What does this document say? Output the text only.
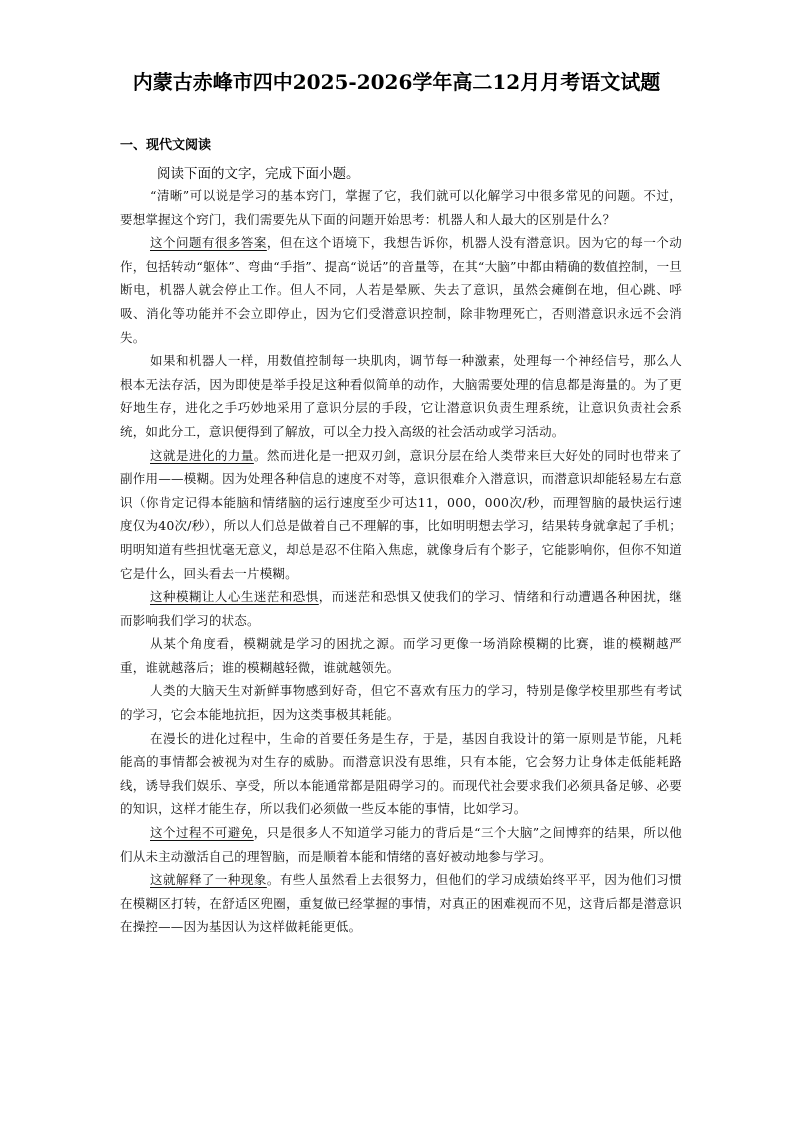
内蒙古赤峰市四中2025-2026学年高二12月月考语文试题
一、现代文阅读
阅读下面的文字，完成下面小题。

“清晰”可以说是学习的基本窍门，掌握了它，我们就可以化解学习中很多常见的问题。不过，要想掌握这个窍门，我们需要先从下面的问题开始思考：机器人和人最大的区别是什么？

这个问题有很多答案，但在这个语境下，我想告诉你，机器人没有潜意识。因为它的每一个动作，包括转动“躯体”、弯曲“手指”、提高“说话”的音量等，在其“大脑”中都由精确的数值控制，一旦断电，机器人就会停止工作。但人不同，人若是晕厥、失去了意识，虽然会瘫倒在地，但心跳、呼吸、消化等功能并不会立即停止，因为它们受潜意识控制，除非物理死亡，否则潜意识永远不会消失。

如果和机器人一样，用数值控制每一块肌肉，调节每一种激素，处理每一个神经信号，那么人根本无法存活，因为即使是举手投足这种看似简单的动作，大脑需要处理的信息都是海量的。为了更好地生存，进化之手巧妙地采用了意识分层的手段，它让潜意识负责生理系统，让意识负责社会系统，如此分工，意识便得到了解放，可以全力投入高级的社会活动或学习活动。

这就是进化的力量。然而进化是一把双刃剑，意识分层在给人类带来巨大好处的同时也带来了副作用——模糊。因为处理各种信息的速度不对等，意识很难介入潜意识，而潜意识却能轻易左右意识（你肯定记得本能脑和情绪脑的运行速度至少可达11，000，000次/秒，而理智脑的最快运行速度仅为40次/秒），所以人们总是做着自己不理解的事，比如明明想去学习，结果转身就拿起了手机；明明知道有些担忧毫无意义，却总是忍不住陷入焦虑，就像身后有个影子，它能影响你，但你不知道它是什么，回头看去一片模糊。

这种模糊让人心生迷茫和恐惧，而迷茫和恐惧又使我们的学习、情绪和行动遭遇各种困扰，继而影响我们学习的状态。

从某个角度看，模糊就是学习的困扰之源。而学习更像一场消除模糊的比赛，谁的模糊越严重，谁就越落后；谁的模糊越轻微，谁就越领先。

人类的大脑天生对新鲜事物感到好奇，但它不喜欢有压力的学习，特别是像学校里那些有考试的学习，它会本能地抗拒，因为这类事极其耗能。

在漫长的进化过程中，生命的首要任务是生存，于是，基因自我设计的第一原则是节能，凡耗能高的事情都会被视为对生存的威胁。而潜意识没有思维，只有本能，它会努力让身体走低能耗路线，诱导我们娱乐、享受，所以本能通常都是阻碍学习的。而现代社会要求我们必须具备足够、必要的知识，这样才能生存，所以我们必须做一些反本能的事情，比如学习。

这个过程不可避免，只是很多人不知道学习能力的背后是“三个大脑”之间博弈的结果，所以他们从未主动激活自己的理智脑，而是顺着本能和情绪的喜好被动地参与学习。

这就解释了一种现象。有些人虽然看上去很努力，但他们的学习成绩始终平平，因为他们习惯在模糊区打转，在舒适区兜圈，重复做已经掌握的事情，对真正的困难视而不见，这背后都是潜意识在操控——因为基因认为这样做耗能更低。
